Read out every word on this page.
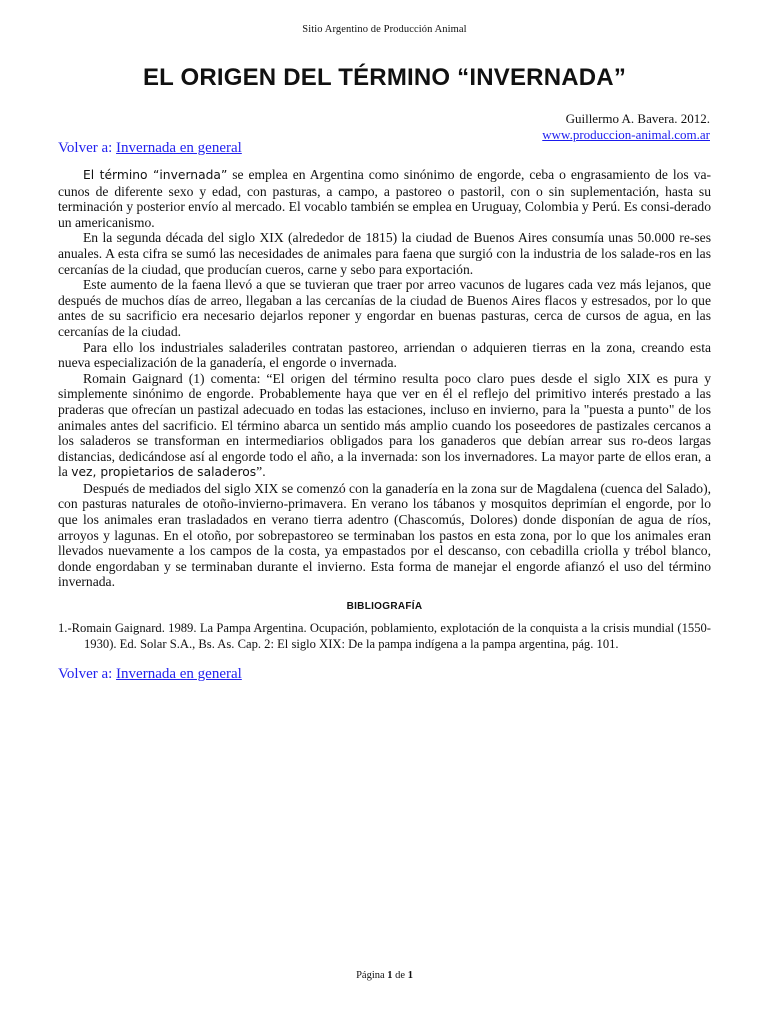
Sitio Argentino de Producción Animal
EL ORIGEN DEL TÉRMINO “INVERNADA”
Guillermo A. Bavera. 2012.
www.produccion-animal.com.ar
Volver a: Invernada en general

El término “invernada” se emplea en Argentina como sinónimo de engorde, ceba o engrasamiento de los va-cunos de diferente sexo y edad, con pasturas, a campo, a pastoreo o pastoril, con o sin suplementación, hasta su terminación y posterior envío al mercado. El vocablo también se emplea en Uruguay, Colombia y Perú. Es consi-derado un americanismo.

En la segunda década del siglo XIX (alrededor de 1815) la ciudad de Buenos Aires consumía unas 50.000 re-ses anuales. A esta cifra se sumó las necesidades de animales para faena que surgió con la industria de los salade-ros en las cercanías de la ciudad, que producían cueros, carne y sebo para exportación.

Este aumento de la faena llevó a que se tuvieran que traer por arreo vacunos de lugares cada vez más lejanos, que después de muchos días de arreo, llegaban a las cercanías de la ciudad de Buenos Aires flacos y estresados, por lo que antes de su sacrificio era necesario dejarlos reponer y engordar en buenas pasturas, cerca de cursos de agua, en las cercanías de la ciudad.

Para ello los industriales saladeriles contratan pastoreo, arriendan o adquieren tierras en la zona, creando esta nueva especialización de la ganadería, el engorde o invernada.

Romain Gaignard (1) comenta: “El origen del término resulta poco claro pues desde el siglo XIX es pura y simplemente sinónimo de engorde. Probablemente haya que ver en él el reflejo del primitivo interés prestado a las praderas que ofrecían un pastizal adecuado en todas las estaciones, incluso en invierno, para la "puesta a punto" de los animales antes del sacrificio. El término abarca un sentido más amplio cuando los poseedores de pastizales cercanos a los saladeros se transforman en intermediarios obligados para los ganaderos que debían arrear sus ro-deos largas distancias, dedicándose así al engorde todo el año, a la invernada: son los invernadores. La mayor parte de ellos eran, a la vez, propietarios de saladeros”.

Después de mediados del siglo XIX se comenzó con la ganadería en la zona sur de Magdalena (cuenca del Salado), con pasturas naturales de otoño-invierno-primavera. En verano los tábanos y mosquitos deprimían el engorde, por lo que los animales eran trasladados en verano tierra adentro (Chascomús, Dolores) donde disponían de agua de ríos, arroyos y lagunas. En el otoño, por sobrepastoreo se terminaban los pastos en esta zona, por lo que los animales eran llevados nuevamente a los campos de la costa, ya empastados por el descanso, con cebadilla criolla y trébol blanco, donde engordaban y se terminaban durante el invierno. Esta forma de manejar el engorde afianzó el uso del término invernada.

BIBLIOGRAFÍA
1.-Romain Gaignard. 1989. La Pampa Argentina. Ocupación, poblamiento, explotación de la conquista a la crisis mundial (1550-1930). Ed. Solar S.A., Bs. As. Cap. 2: El siglo XIX: De la pampa indígena a la pampa argentina, pág. 101.
Volver a: Invernada en general
Página 1 de 1
